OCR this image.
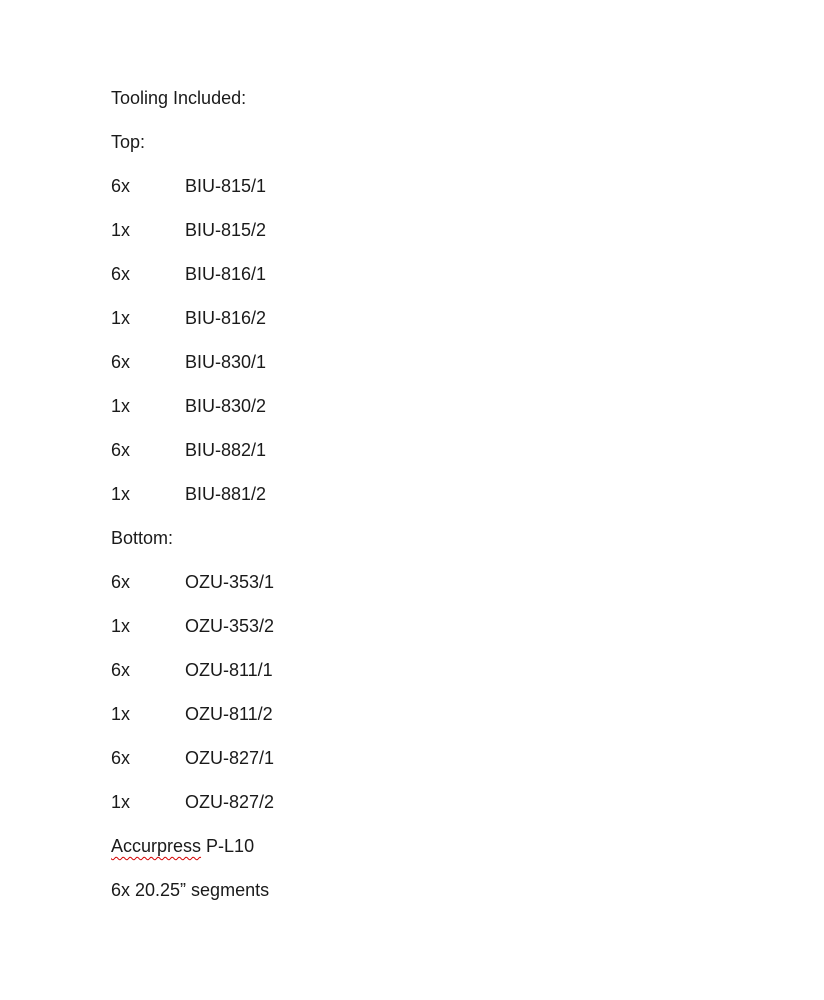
Tooling Included:
Top:
6x	BIU-815/1
1x	BIU-815/2
6x	BIU-816/1
1x	BIU-816/2
6x	BIU-830/1
1x	BIU-830/2
6x	BIU-882/1
1x	BIU-881/2
Bottom:
6x	OZU-353/1
1x	OZU-353/2
6x	OZU-811/1
1x	OZU-811/2
6x	OZU-827/1
1x	OZU-827/2
Accurpress P-L10
6x 20.25” segments
